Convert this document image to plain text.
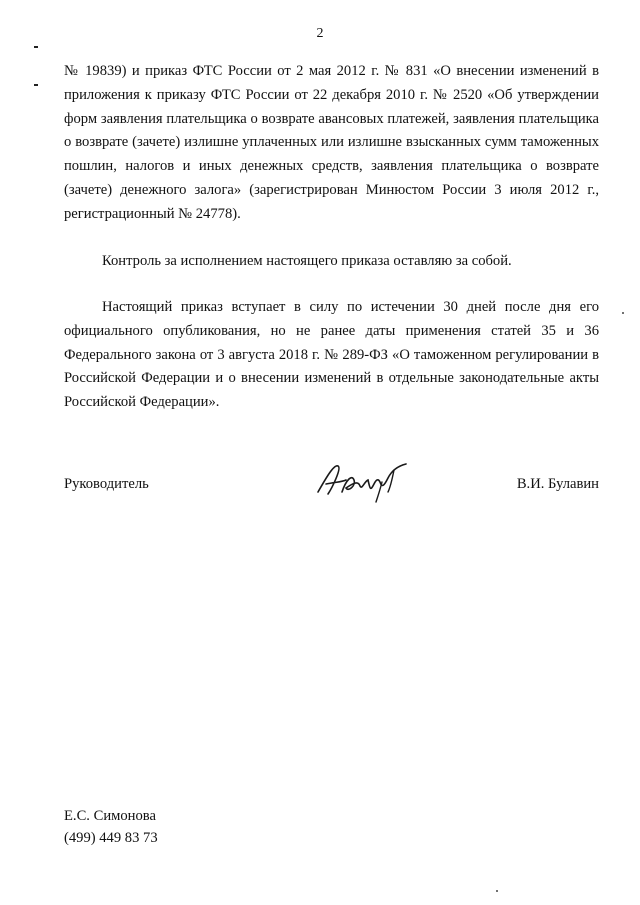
2

№ 19839) и приказ ФТС России от 2 мая 2012 г. № 831 «О внесении изменений в приложения к приказу ФТС России от 22 декабря 2010 г. № 2520 «Об утверждении форм заявления плательщика о возврате авансовых платежей, заявления плательщика о возврате (зачете) излишне уплаченных или излишне взысканных сумм таможенных пошлин, налогов и иных денежных средств, заявления плательщика о возврате (зачете) денежного залога» (зарегистрирован Минюстом России 3 июля 2012 г., регистрационный № 24778).

Контроль за исполнением настоящего приказа оставляю за собой.

Настоящий приказ вступает в силу по истечении 30 дней после дня его официального опубликования, но не ранее даты применения статей 35 и 36 Федерального закона от 3 августа 2018 г. № 289-ФЗ «О таможенном регулировании в Российской Федерации и о внесении изменений в отдельные законодательные акты Российской Федерации».

Руководитель	В.И. Булавин
Е.С. Симонова
(499) 449 83 73
